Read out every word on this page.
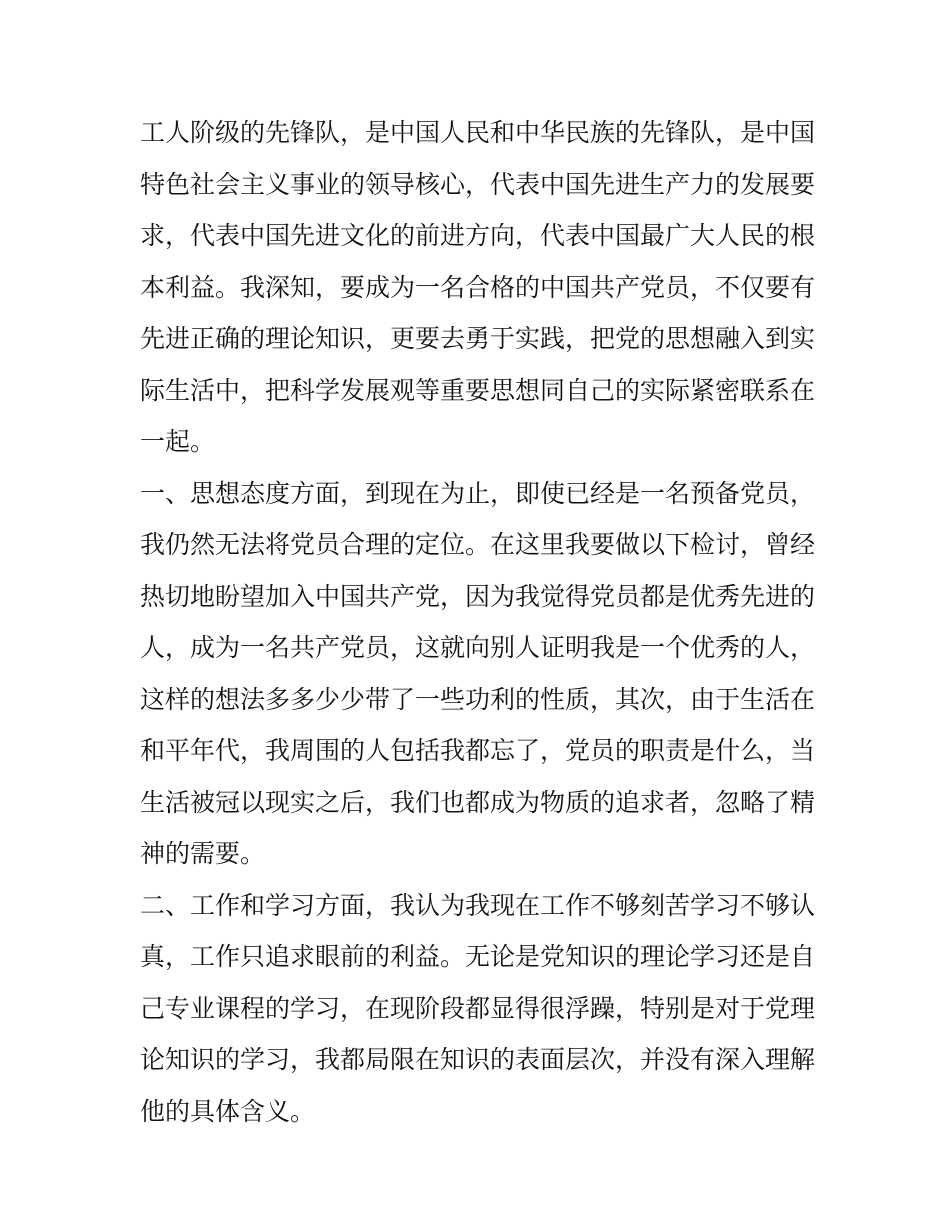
工人阶级的先锋队，是中国人民和中华民族的先锋队，是中国
特色社会主义事业的领导核心，代表中国先进生产力的发展要
求，代表中国先进文化的前进方向，代表中国最广大人民的根
本利益。我深知，要成为一名合格的中国共产党员，不仅要有
先进正确的理论知识，更要去勇于实践，把党的思想融入到实
际生活中，把科学发展观等重要思想同自己的实际紧密联系在
一起。
一、思想态度方面，到现在为止，即使已经是一名预备党员，
我仍然无法将党员合理的定位。在这里我要做以下检讨，曾经
热切地盼望加入中国共产党，因为我觉得党员都是优秀先进的
人，成为一名共产党员，这就向别人证明我是一个优秀的人，
这样的想法多多少少带了一些功利的性质，其次，由于生活在
和平年代，我周围的人包括我都忘了，党员的职责是什么，当
生活被冠以现实之后，我们也都成为物质的追求者，忽略了精
神的需要。
二、工作和学习方面，我认为我现在工作不够刻苦学习不够认
真，工作只追求眼前的利益。无论是党知识的理论学习还是自
己专业课程的学习，在现阶段都显得很浮躁，特别是对于党理
论知识的学习，我都局限在知识的表面层次，并没有深入理解
他的具体含义。
